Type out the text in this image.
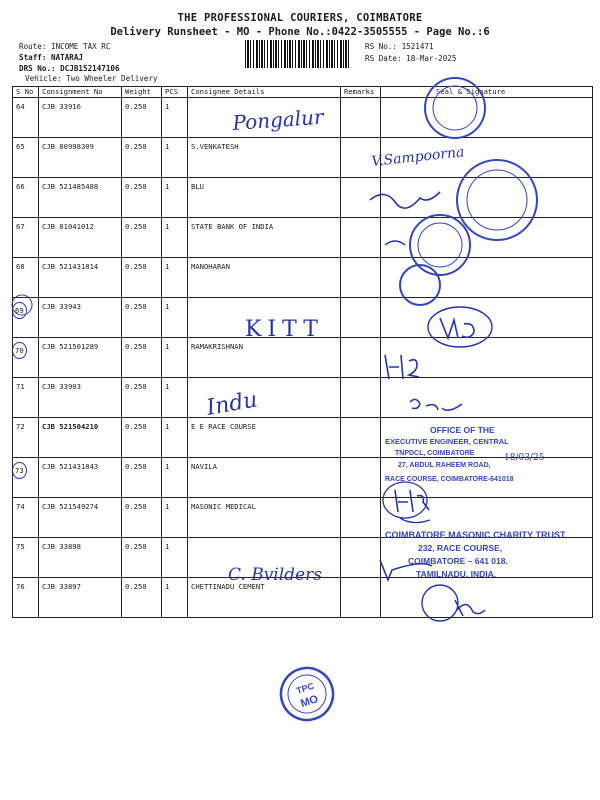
THE PROFESSIONAL COURIERS, COIMBATORE
Delivery Runsheet - MO - Phone No.:0422-3505555 - Page No.:6
Route: INCOME TAX RC
Staff: NATARAJ
DRS No.: DCJB152147106
Vehicle: Two Wheeler Delivery
RS No.: 1521471
RS Date: 18-Mar-2025
S No	Consignment No	Weight	PCS	Consignee Details	Remarks	Seal & Signature
64	CJB 33916	0.250	1			
65	CJB 80998309	0.250	1	S.VENKATESH		
66	CJB 521485488	0.250	1	BLU		
67	CJB 81041012	0.250	1	STATE BANK OF INDIA		
68	CJB 521431814	0.250	1	MANOHARAN		
69	CJB 33943	0.250	1			
70	CJB 521501289	0.250	1	RAMAKRISHNAN		
71	CJB 33903	0.250	1			
72	CJB 521504210	0.250	1	E E RACE COURSE		
73	CJB 521431843	0.250	1	NAVILA		
74	CJB 521549274	0.250	1	MASONIC MEDICAL		
75	CJB 33898	0.250	1			
76	CJB 33897	0.250	1	CHETTINADU CEMENT		
Pongalur
V.Sampoorna
KITT
Indu
C. Bvilders
18/03/25
OFFICE OF THE
EXECUTIVE ENGINEER, CENTRAL
TNPDCL, COIMBATORE
27, ABDUL RAHEEM ROAD,
RACE COURSE, COIMBATORE-641018
COIMBATORE MASONIC CHARITY TRUST
232, RACE COURSE,
COIMBATORE – 641 018.
TAMILNADU, INDIA.
TPC
MO
